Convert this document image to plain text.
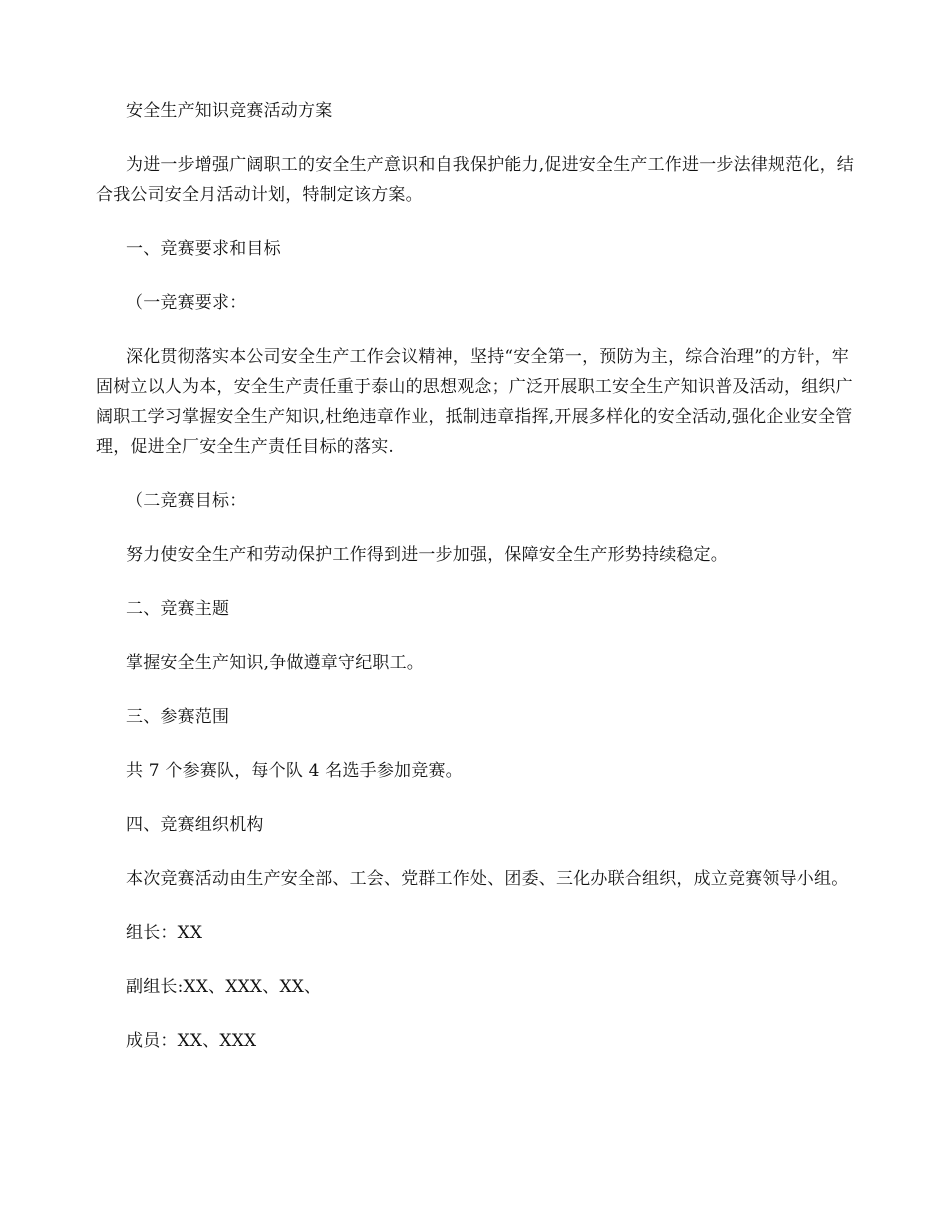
安全生产知识竞赛活动方案

为进一步增强广阔职工的安全生产意识和自我保护能力,促进安全生产工作进一步法律规范化，结合我公司安全月活动计划，特制定该方案。

一、竞赛要求和目标

（一竞赛要求：

深化贯彻落实本公司安全生产工作会议精神，坚持“安全第一，预防为主，综合治理”的方针，牢固树立以人为本，安全生产责任重于泰山的思想观念；广泛开展职工安全生产知识普及活动，组织广阔职工学习掌握安全生产知识,杜绝违章作业，抵制违章指挥,开展多样化的安全活动,强化企业安全管理，促进全厂安全生产责任目标的落实.

（二竞赛目标：

努力使安全生产和劳动保护工作得到进一步加强，保障安全生产形势持续稳定。

二、竞赛主题

掌握安全生产知识,争做遵章守纪职工。

三、参赛范围

共 7 个参赛队，每个队 4 名选手参加竞赛。

四、竞赛组织机构

本次竞赛活动由生产安全部、工会、党群工作处、团委、三化办联合组织，成立竞赛领导小组。

组长：XX

副组长:XX、XXX、XX、

成员：XX、XXX
